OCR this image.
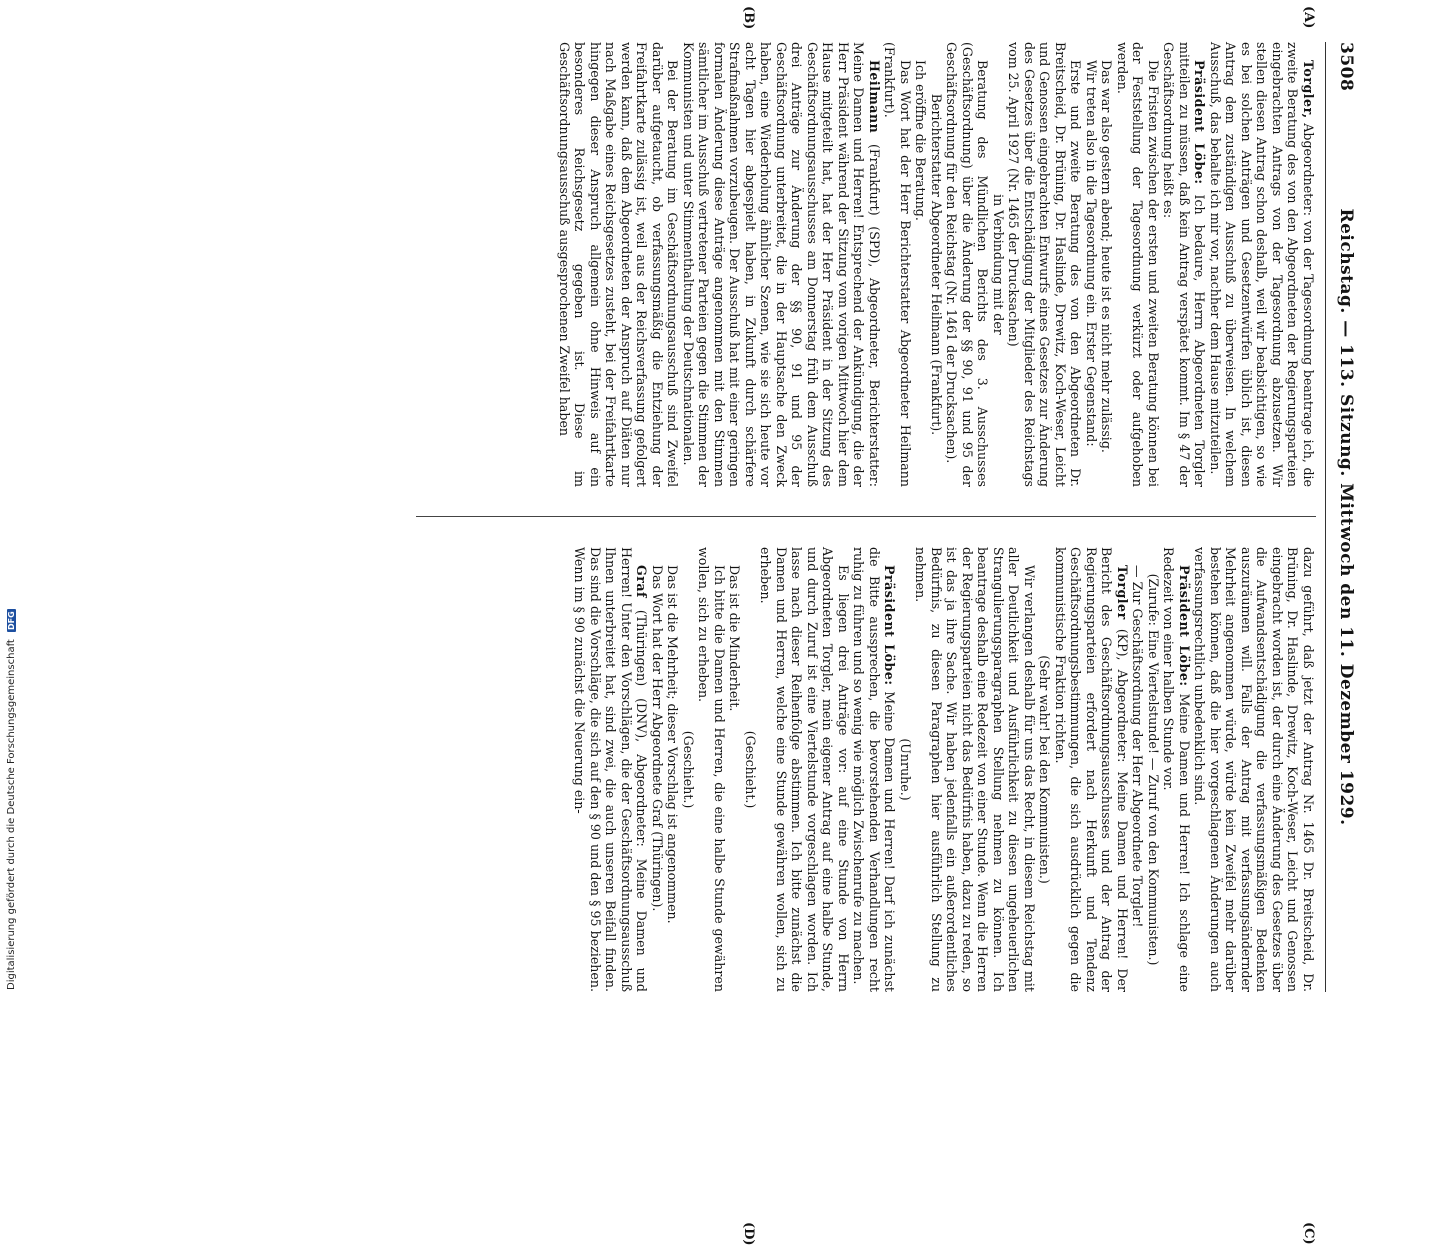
3508
Reichstag. — 113. Sitzung. Mittwoch den 11. Dezember 1929.
(A)
(B)
(C)
(D)

Torgler, Abgeordneter: von der Tagesordnung beantrage ich, die zweite Beratung des von den Abgeordneten der Regierungsparteien eingebrachten Antrags von der Tagesordnung abzusetzen. Wir stellen diesen Antrag schon deshalb, weil wir beabsichtigen, so wie es bei solchen Anträgen und Gesetzentwürfen üblich ist, diesen Antrag dem zuständigen Ausschuß zu überweisen. In welchem Ausschuß, das behalte ich mir vor, nachher dem Hause mitzuteilen.

Präsident Löbe: Ich bedaure, Herrn Abgeordneten Torgler mitteilen zu müssen, daß kein Antrag verspätet kommt. Im § 47 der Geschäftsordnung heißt es:

Die Fristen zwischen der ersten und zweiten Beratung können bei der Feststellung der Tagesordnung verkürzt oder aufgehoben werden.

Das war also gestern abend; heute ist es nicht mehr zulässig.

Wir treten also in die Tagesordnung ein. Erster Gegenstand:

Erste und zweite Beratung des von den Abgeordneten Dr. Breitscheid, Dr. Brüning, Dr. Haslinde, Drewitz, Koch-Weser, Leicht und Genossen eingebrachten Entwurfs eines Gesetzes zur Änderung des Gesetzes über die Entschädigung der Mitglieder des Reichstags vom 25. April 1927 (Nr. 1465 der Drucksachen)

in Verbindung mit der

Beratung des Mündlichen Berichts des 3. Ausschusses (Geschäftsordnung) über die Änderung der §§ 90, 91 und 95 der Geschäftsordnung für den Reichstag (Nr. 1461 der Drucksachen).

Berichterstatter Abgeordneter Heilmann (Frankfurt).

Ich eröffne die Beratung.

Das Wort hat der Herr Berichterstatter Abgeordneter Heilmann (Frankfurt).

Heilmann (Frankfurt) (SPD), Abgeordneter, Berichterstatter: Meine Damen und Herren! Entsprechend der Ankündigung, die der Herr Präsident während der Sitzung vom vorigen Mittwoch hier dem Hause mitgeteilt hat, hat der Herr Präsident in der Sitzung des Geschäftsordnungsausschusses am Donnerstag früh dem Ausschuß drei Anträge zur Änderung der §§ 90, 91 und 95 der Geschäftsordnung unterbreitet, die in der Hauptsache den Zweck haben, eine Wiederholung ähnlicher Szenen, wie sie sich heute vor acht Tagen hier abgespielt haben, in Zukunft durch schärfere Strafmaßnahmen vorzubeugen. Der Ausschuß hat mit einer geringen formalen Änderung diese Anträge angenommen mit den Stimmen sämtlicher im Ausschuß vertretener Parteien gegen die Stimmen der Kommunisten und unter Stimmenthaltung der Deutschnationalen.

Bei der Beratung im Geschäftsordnungsausschuß sind Zweifel darüber aufgetaucht, ob verfassungsmäßig die Entziehung der Freifahrtkarte zulässig ist, weil aus der Reichsverfassung gefolgert werden kann, daß dem Abgeordneten der Anspruch auf Diäten nur nach Maßgabe eines Reichsgesetzes zusteht, bei der Freifahrtkarte hingegen dieser Anspruch allgemein ohne Hinweis auf ein besonderes Reichsgesetz gegeben ist. Diese im Geschäftsordnungsausschuß ausgesprochenen Zweifel haben

dazu geführt, daß jetzt der Antrag Nr. 1465 Dr. Breitscheid, Dr. Brüning, Dr. Haslinde, Drewitz, Koch-Weser, Leicht und Genossen eingebracht worden ist, der durch eine Änderung des Gesetzes über die Aufwandsentschädigung die verfassungsmäßigen Bedenken auszuräumen will. Falls der Antrag mit verfassungsändernder Mehrheit angenommen würde, würde kein Zweifel mehr darüber bestehen können, daß die hier vorgeschlagenen Änderungen auch verfassungsrechtlich unbedenklich sind.

Präsident Löbe: Meine Damen und Herren! Ich schlage eine Redezeit von einer halben Stunde vor.

(Zurufe: Eine Viertelstunde! — Zuruf von den Kommunisten.)

— Zur Geschäftsordnung der Herr Abgeordnete Torgler!

Torgler (KP), Abgeordneter: Meine Damen und Herren! Der Bericht des Geschäftsordnungsausschusses und der Antrag der Regierungsparteien erfordert nach Herkunft und Tendenz Geschäftsordnungsbestimmungen, die sich ausdrücklich gegen die kommunistische Fraktion richten.

(Sehr wahr! bei den Kommunisten.)

Wir verlangen deshalb für uns das Recht, in diesem Reichstag mit aller Deutlichkeit und Ausführlichkeit zu diesen ungeheuerlichen Strangulierungsparagraphen Stellung nehmen zu können. Ich beantrage deshalb eine Redezeit von einer Stunde. Wenn die Herren der Regierungsparteien nicht das Bedürfnis haben, dazu zu reden, so ist das ja ihre Sache. Wir haben jedenfalls ein außerordentliches Bedürfnis, zu diesen Paragraphen hier ausführlich Stellung zu nehmen.

(Unruhe.)

Präsident Löbe: Meine Damen und Herren! Darf ich zunächst die Bitte aussprechen, die bevorstehenden Verhandlungen recht ruhig zu führen und so wenig wie möglich Zwischenrufe zu machen.

Es liegen drei Anträge vor: auf eine Stunde von Herrn Abgeordneten Torgler, mein eigener Antrag auf eine halbe Stunde, und durch Zuruf ist eine Viertelstunde vorgeschlagen worden. Ich lasse nach dieser Reihenfolge abstimmen. Ich bitte zunächst die Damen und Herren, welche eine Stunde gewähren wollen, sich zu erheben.

(Geschieht.)

Das ist die Minderheit.

Ich bitte die Damen und Herren, die eine halbe Stunde gewähren wollen, sich zu erheben.

(Geschieht.)

Das ist die Mehrheit; dieser Vorschlag ist angenommen.

Das Wort hat der Herr Abgeordnete Graf (Thüringen).

Graf (Thüringen) (DNV), Abgeordneter: Meine Damen und Herren! Unter den Vorschlägen, die der Geschäftsordnungsausschuß Ihnen unterbreitet hat, sind zwei, die auch unseren Beifall finden. Das sind die Vorschläge, die sich auf den § 90 und den § 95 beziehen. Wenn im § 90 zunächst die Neuerung ein-

Digitalisierung gefördert durch die Deutsche Forschungsgemeinschaft DFG
